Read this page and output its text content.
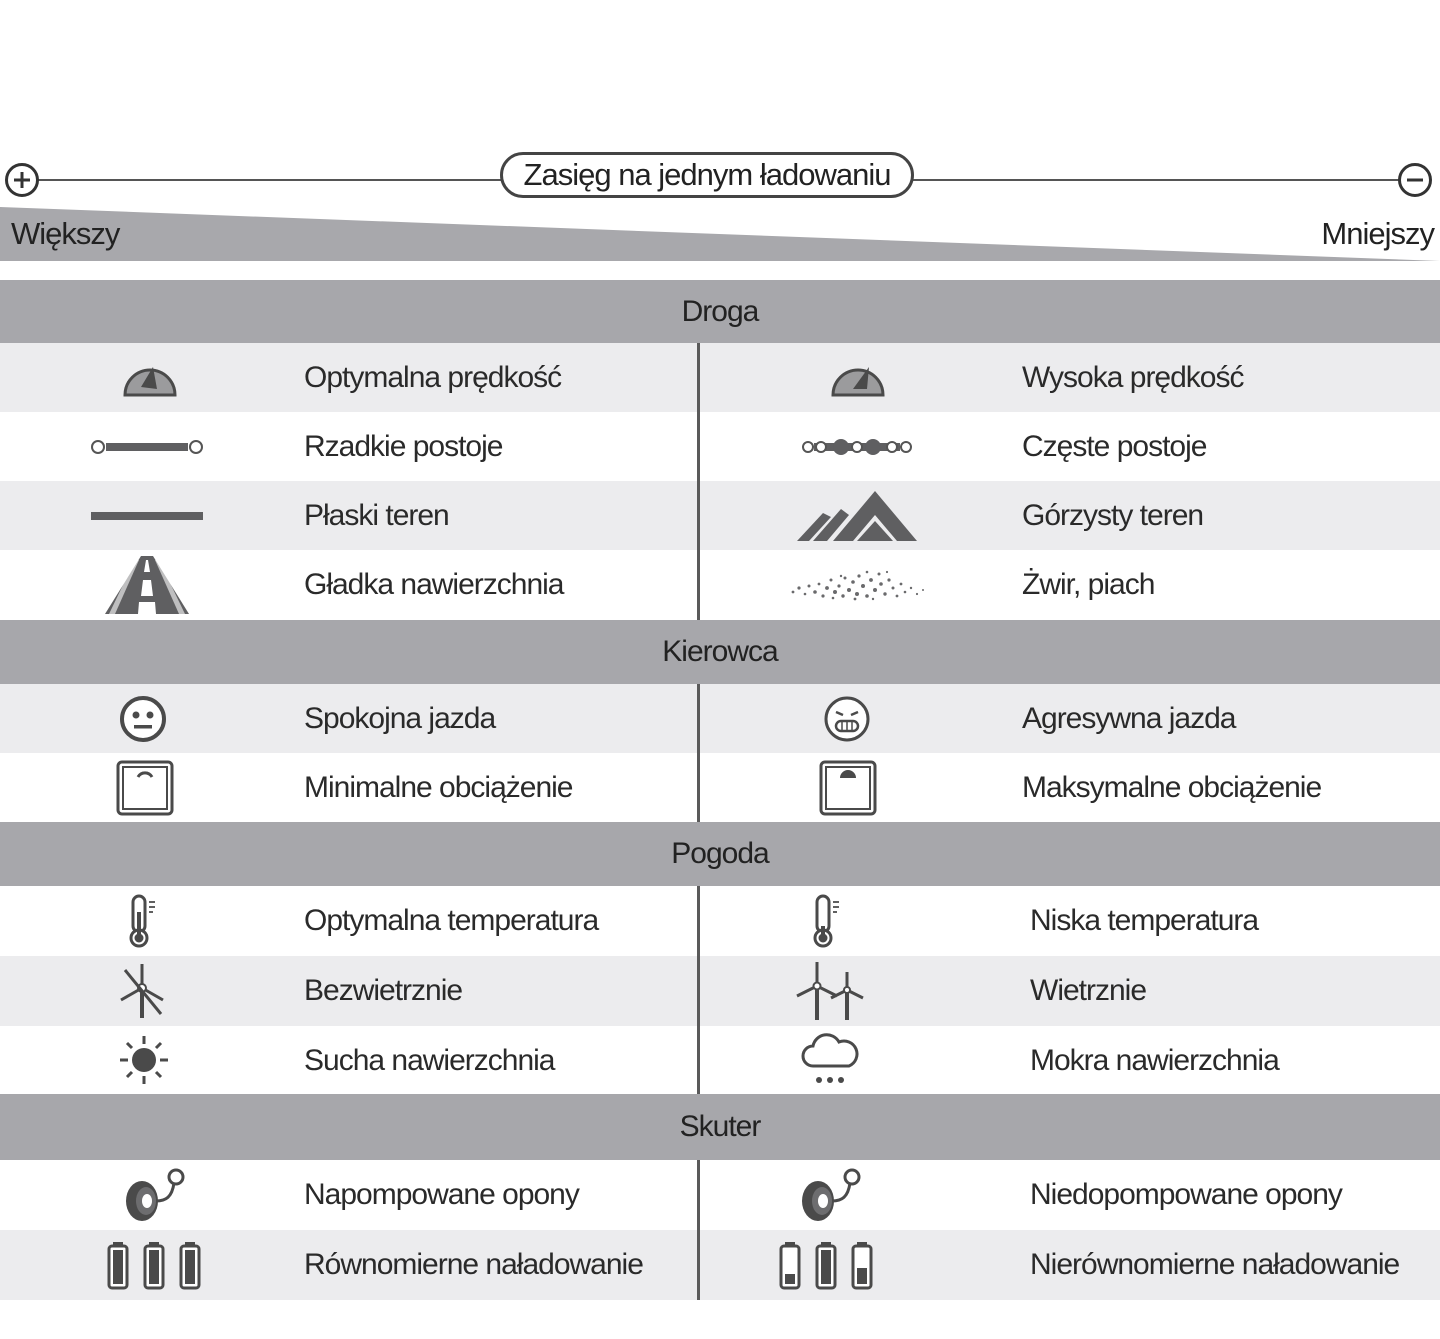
Zasięg na jednym ładowaniu
Większy	Mniejszy
Droga
Optymalna prędkość	Wysoka prędkość
Rzadkie postoje	Częste postoje
Płaski teren	Górzysty teren
Gładka nawierzchnia	Żwir, piach
Kierowca
Spokojna jazda	Agresywna jazda
Minimalne obciążenie	Maksymalne obciążenie
Pogoda
Optymalna temperatura	Niska temperatura
Bezwietrznie	Wietrznie
Sucha nawierzchnia	Mokra nawierzchnia
Skuter
Napompowane opony	Niedopompowane opony
Równomierne naładowanie	Nierównomierne naładowanie
